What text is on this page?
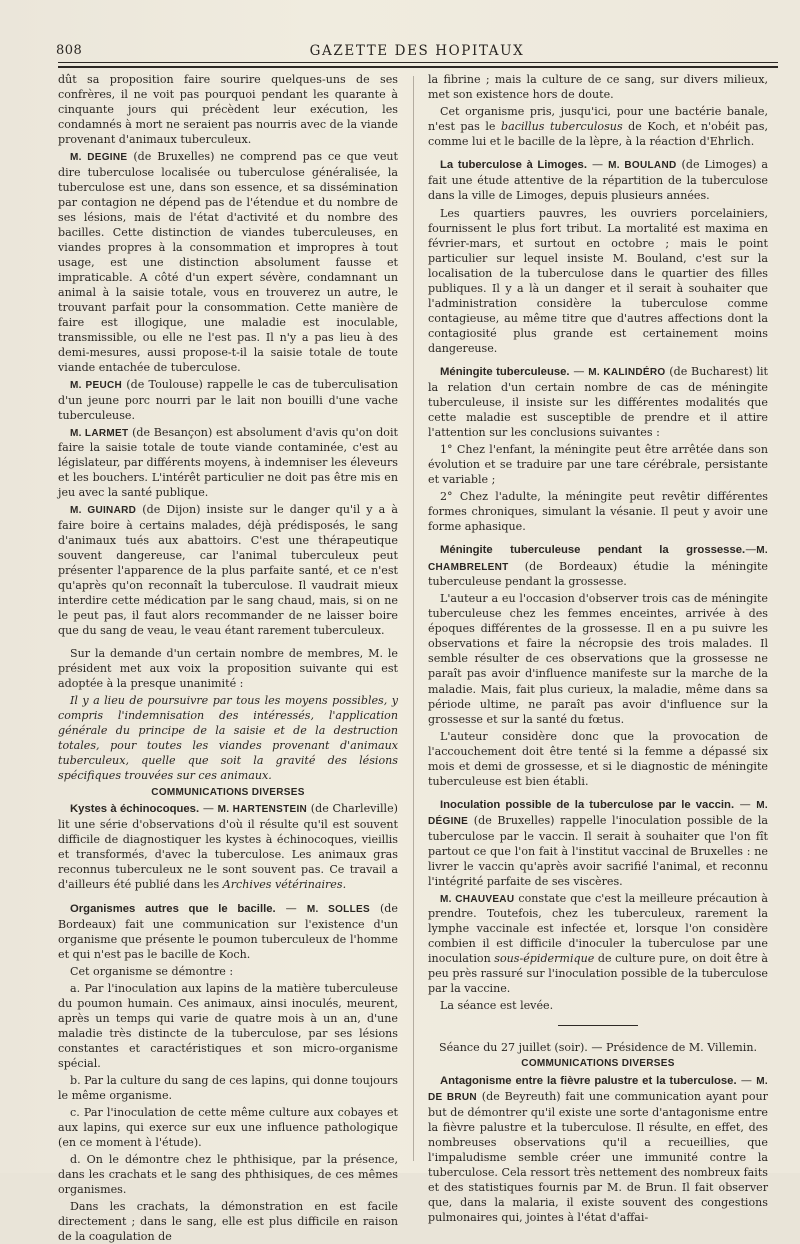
808	GAZETTE DES HOPITAUX

dût sa proposition faire sourire quelques-uns de ses confrères, il ne voit pas pourquoi pendant les quarante à cinquante jours qui précèdent leur exécution, les condamnés à mort ne seraient pas nourris avec de la viande provenant d'animaux tuberculeux.

M. DEGINE (de Bruxelles) ne comprend pas ce que veut dire tuberculose localisée ou tuberculose généralisée, la tuberculose est une, dans son essence, et sa dissémination par contagion ne dépend pas de l'étendue et du nombre de ses lésions, mais de l'état d'activité et du nombre des bacilles. Cette distinction de viandes tuberculeuses, en viandes propres à la consommation et impropres à tout usage, est une distinction absolument fausse et impraticable. A côté d'un expert sévère, condamnant un animal à la saisie totale, vous en trouverez un autre, le trouvant parfait pour la consommation. Cette manière de faire est illogique, une maladie est inoculable, transmissible, ou elle ne l'est pas. Il n'y a pas lieu à des demi-mesures, aussi propose-t-il la saisie totale de toute viande entachée de tuberculose.

M. PEUCH (de Toulouse) rappelle le cas de tuberculisation d'un jeune porc nourri par le lait non bouilli d'une vache tuberculeuse.

M. LARMET (de Besançon) est absolument d'avis qu'on doit faire la saisie totale de toute viande contaminée, c'est au législateur, par différents moyens, à indemniser les éleveurs et les bouchers. L'intérêt particulier ne doit pas être mis en jeu avec la santé publique.

M. GUINARD (de Dijon) insiste sur le danger qu'il y a à faire boire à certains malades, déjà prédisposés, le sang d'animaux tués aux abattoirs. C'est une thérapeutique souvent dangereuse, car l'animal tuberculeux peut présenter l'apparence de la plus parfaite santé, et ce n'est qu'après qu'on reconnaît la tuberculose. Il vaudrait mieux interdire cette médication par le sang chaud, mais, si on ne le peut pas, il faut alors recommander de ne laisser boire que du sang de veau, le veau étant rarement tuberculeux.

Sur la demande d'un certain nombre de membres, M. le président met aux voix la proposition suivante qui est adoptée à la presque unanimité :

Il y a lieu de poursuivre par tous les moyens possibles, y compris l'indemnisation des intéressés, l'application générale du principe de la saisie et de la destruction totales, pour toutes les viandes provenant d'animaux tuberculeux, quelle que soit la gravité des lésions spécifiques trouvées sur ces animaux.

COMMUNICATIONS DIVERSES

Kystes à échinocoques. — M. HARTENSTEIN (de Charleville) lit une série d'observations d'où il résulte qu'il est souvent difficile de diagnostiquer les kystes à échinocoques, vieillis et transformés, d'avec la tuberculose. Les animaux gras reconnus tuberculeux ne le sont souvent pas. Ce travail a d'ailleurs été publié dans les Archives vétérinaires.

Organismes autres que le bacille. — M. SOLLES (de Bordeaux) fait une communication sur l'existence d'un organisme que présente le poumon tuberculeux de l'homme et qui n'est pas le bacille de Koch.

Cet organisme se démontre :

a. Par l'inoculation aux lapins de la matière tuberculeuse du poumon humain. Ces animaux, ainsi inoculés, meurent, après un temps qui varie de quatre mois à un an, d'une maladie très distincte de la tuberculose, par ses lésions constantes et caractéristiques et son micro-organisme spécial.

b. Par la culture du sang de ces lapins, qui donne toujours le même organisme.

c. Par l'inoculation de cette même culture aux cobayes et aux lapins, qui exerce sur eux une influence pathologique (en ce moment à l'étude).

d. On le démontre chez le phthisique, par la présence, dans les crachats et le sang des phthisiques, de ces mêmes organismes.

Dans les crachats, la démonstration en est facile directement ; dans le sang, elle est plus difficile en raison de la coagulation de

la fibrine ; mais la culture de ce sang, sur divers milieux, met son existence hors de doute.

Cet organisme pris, jusqu'ici, pour une bactérie banale, n'est pas le bacillus tuberculosus de Koch, et n'obéit pas, comme lui et le bacille de la lèpre, à la réaction d'Ehrlich.

La tuberculose à Limoges. — M. BOULAND (de Limoges) a fait une étude attentive de la répartition de la tuberculose dans la ville de Limoges, depuis plusieurs années.

Les quartiers pauvres, les ouvriers porcelainiers, fournissent le plus fort tribut. La mortalité est maxima en février-mars, et surtout en octobre ; mais le point particulier sur lequel insiste M. Bouland, c'est sur la localisation de la tuberculose dans le quartier des filles publiques. Il y a là un danger et il serait à souhaiter que l'administration considère la tuberculose comme contagieuse, au même titre que d'autres affections dont la contagiosité plus grande est certainement moins dangereuse.

Méningite tuberculeuse. — M. KALINDÉRO (de Bucharest) lit la relation d'un certain nombre de cas de méningite tuberculeuse, il insiste sur les différentes modalités que cette maladie est susceptible de prendre et il attire l'attention sur les conclusions suivantes :

1° Chez l'enfant, la méningite peut être arrêtée dans son évolution et se traduire par une tare cérébrale, persistante et variable ;

2° Chez l'adulte, la méningite peut revêtir différentes formes chroniques, simulant la vésanie. Il peut y avoir une forme aphasique.

Méningite tuberculeuse pendant la grossesse.—M. CHAMBRELENT (de Bordeaux) étudie la méningite tuberculeuse pendant la grossesse.

L'auteur a eu l'occasion d'observer trois cas de méningite tuberculeuse chez les femmes enceintes, arrivée à des époques différentes de la grossesse. Il en a pu suivre les observations et faire la nécropsie des trois malades. Il semble résulter de ces observations que la grossesse ne paraît pas avoir d'influence manifeste sur la marche de la maladie. Mais, fait plus curieux, la maladie, même dans sa période ultime, ne paraît pas avoir d'influence sur la grossesse et sur la santé du fœtus.

L'auteur considère donc que la provocation de l'accouchement doit être tenté si la femme a dépassé six mois et demi de grossesse, et si le diagnostic de méningite tuberculeuse est bien établi.

Inoculation possible de la tuberculose par le vaccin. — M. DÉGINE (de Bruxelles) rappelle l'inoculation possible de la tuberculose par le vaccin. Il serait à souhaiter que l'on fît partout ce que l'on fait à l'institut vaccinal de Bruxelles : ne livrer le vaccin qu'après avoir sacrifié l'animal, et reconnu l'intégrité parfaite de ses viscères.

M. CHAUVEAU constate que c'est la meilleure précaution à prendre. Toutefois, chez les tuberculeux, rarement la lymphe vaccinale est infectée et, lorsque l'on considère combien il est difficile d'inoculer la tuberculose par une inoculation sous-épidermique de culture pure, on doit être à peu près rassuré sur l'inoculation possible de la tuberculose par la vaccine.

La séance est levée.

Séance du 27 juillet (soir). — Présidence de M. Villemin.

COMMUNICATIONS DIVERSES

Antagonisme entre la fièvre palustre et la tuberculose. — M. DE BRUN (de Beyreuth) fait une communication ayant pour but de démontrer qu'il existe une sorte d'antagonisme entre la fièvre palustre et la tuberculose. Il résulte, en effet, des nombreuses observations qu'il a recueillies, que l'impaludisme semble créer une immunité contre la tuberculose. Cela ressort très nettement des nombreux faits et des statistiques fournis par M. de Brun. Il fait observer que, dans la malaria, il existe souvent des congestions pulmonaires qui, jointes à l'état d'affai-
